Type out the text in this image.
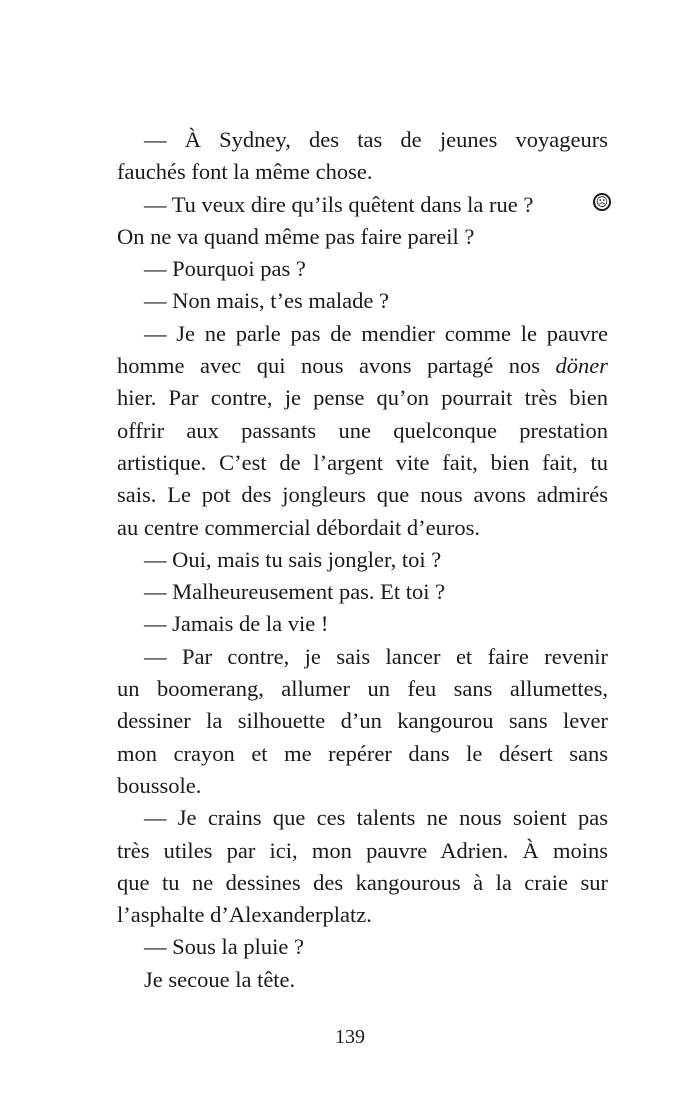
— À Sydney, des tas de jeunes voyageurs
fauchés font la même chose.
— Tu veux dire qu’ils quêtent dans la rue ?	☹
On ne va quand même pas faire pareil ?
— Pourquoi pas ?
— Non mais, t’es malade ?
— Je ne parle pas de mendier comme le pauvre
homme avec qui nous avons partagé nos döner
hier. Par contre, je pense qu’on pourrait très bien
offrir aux passants une quelconque prestation
artistique. C’est de l’argent vite fait, bien fait, tu
sais. Le pot des jongleurs que nous avons admirés
au centre commercial débordait d’euros.
— Oui, mais tu sais jongler, toi ?
— Malheureusement pas. Et toi ?
— Jamais de la vie !
— Par contre, je sais lancer et faire revenir
un boomerang, allumer un feu sans allumettes,
dessiner la silhouette d’un kangourou sans lever
mon crayon et me repérer dans le désert sans
boussole.
— Je crains que ces talents ne nous soient pas
très utiles par ici, mon pauvre Adrien. À moins
que tu ne dessines des kangourous à la craie sur
l’asphalte d’Alexanderplatz.
— Sous la pluie ?
Je secoue la tête.
139
